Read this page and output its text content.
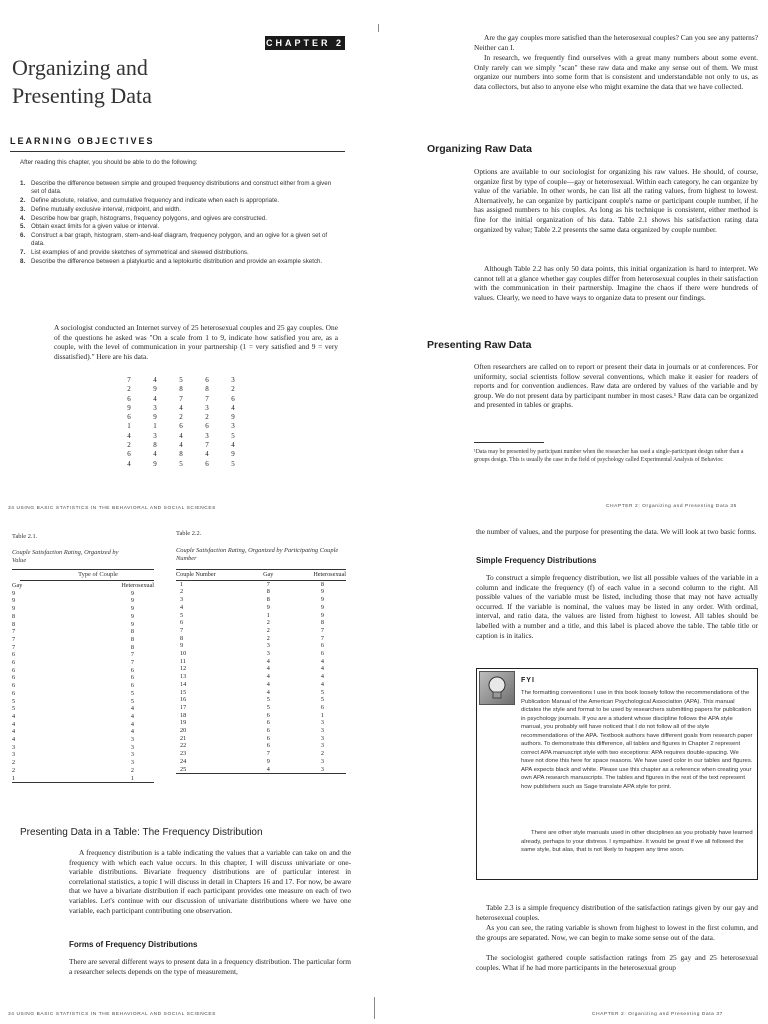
CHAPTER 2
Organizing and
Presenting Data
LEARNING OBJECTIVES
After reading this chapter, you should be able to do the following:
1. Describe the difference between simple and grouped frequency distributions and construct either from a given set of data.
2. Define absolute, relative, and cumulative frequency and indicate when each is appropriate.
3. Define mutually exclusive interval, midpoint, and width.
4. Describe how bar graph, histograms, frequency polygons, and ogives are constructed.
5. Obtain exact limits for a given value or interval.
6. Construct a bar graph, histogram, stem-and-leaf diagram, frequency polygon, and an ogive for a given set of data.
7. List examples of and provide sketches of symmetrical and skewed distributions.
8. Describe the difference between a platykurtic and a leptokurtic distribution and provide an example sketch.

A sociologist conducted an Internet survey of 25 heterosexual couples and 25 gay couples. One of the questions he asked was "On a scale from 1 to 9, indicate how satisfied you are, as a couple, with the level of communication in your partnership (1 = very satisfied and 9 = very dissatisfied)." Here are his data.

7	4	5	6	3
2	9	8	8	2
6	4	7	7	6
9	3	4	3	4
6	9	2	2	9
1	1	6	6	3
4	3	4	3	5
2	8	4	7	4
6	4	8	4	9
4	9	5	6	5

Are the gay couples more satisfied than the heterosexual couples? Can you see any patterns? Neither can I.

In research, we frequently find ourselves with a great many numbers about some event. Only rarely can we simply "scan" these raw data and make any sense out of them. We must organize our numbers into some form that is consistent and understandable not only to us, as data collectors, but also to anyone else who might examine the data that we have collected.

Organizing Raw Data

Options are available to our sociologist for organizing his raw values. He should, of course, organize first by type of couple—gay or heterosexual. Within each category, he can organize by value of the variable. In other words, he can list all the rating values, from highest to lowest. Alternatively, he can organize by participant couple's name or participant couple number, if he has assigned numbers to his couples. As long as his technique is consistent, either method is fine for the initial organization of his data. Table 2.1 shows his satisfaction rating data organized by value; Table 2.2 presents the same data organized by couple number.

Although Table 2.2 has only 50 data points, this initial organization is hard to interpret. We cannot tell at a glance whether gay couples differ from heterosexual couples in their satisfaction with the communication in their partnership. Imagine the chaos if there were hundreds of values. Clearly, we need to have ways to organize data to present our findings.

Presenting Raw Data

Often researchers are called on to report or present their data in journals or at conferences. For uniformity, social scientists follow several conventions, which make it easier for readers of reports and for convention audiences. Raw data are ordered by values of the variable and by group. We do not present data by participant number in most cases.¹ Raw data can be organized and presented in tables or graphs.

¹Data may be presented by participant number when the researcher has used a single-participant design rather than a groups design. This is usually the case in the field of psychology called Experimental Analysis of Behavior.

34 USING BASIC STATISTICS IN THE BEHAVIORAL AND SOCIAL SCIENCES
Table 2.1.
Couple Satisfaction Rating, Organized by Value
Type of Couple
Gay	Heterosexual
9	9
9	9
9	9
8	9
8	9
7	8
7	8
7	8
6	7
6	7
6	6
6	6
6	6
6	5
5	5
5	4
4	4
4	4
4	4
4	3
3	3
3	3
2	3
2	2
1	1
Table 2.2.
Couple Satisfaction Rating, Organized by Participating Couple Number
Couple Number	Gay	Heterosexual
1	7	8
2	8	9
3	8	9
4	9	9
5	1	9
6	2	8
7	2	7
8	2	7
9	3	6
10	3	6
11	4	4
12	4	4
13	4	4
14	4	4
15	4	5
16	5	5
17	5	6
18	6	1
19	6	3
20	6	3
21	6	3
22	6	3
23	7	2
24	9	3
25	4	3
Presenting Data in a Table: The Frequency Distribution

A frequency distribution is a table indicating the values that a variable can take on and the frequency with which each value occurs. In this chapter, I will discuss univariate or one-variable distributions. Bivariate frequency distributions are of particular interest in correlational statistics, a topic I will discuss in detail in Chapters 16 and 17. For now, be aware that we have a bivariate distribution if each participant provides one measure on each of two variables. Let's continue with our discussion of univariate distributions where we have one variable, each participant contributing one observation.

Forms of Frequency Distributions

There are several different ways to present data in a frequency distribution. The particular form a researcher selects depends on the type of measurement,

34 USING BASIC STATISTICS IN THE BEHAVIORAL AND SOCIAL SCIENCES
CHAPTER 2: Organizing and Presenting Data 35

the number of values, and the purpose for presenting the data. We will look at two basic forms.

Simple Frequency Distributions

To construct a simple frequency distribution, we list all possible values of the variable in a column and indicate the frequency (f) of each value in a second column to the right. All possible values of the variable must be listed, including those that may not have actually occurred. If the variable is nominal, the values may be listed in any order. With ordinal, interval, and ratio data, the values are listed from highest to lowest. All tables should be labelled with a number and a title, and this label is placed above the table. The table title or caption is in italics.

FYI

The formatting conventions I use in this book loosely follow the recommendations of the Publication Manual of the American Psychological Association (APA). This manual dictates the style and format to be used by researchers submitting papers for publication in psychology journals. If you are a student whose discipline follows the APA style manual, you probably will have noticed that I do not follow all of the style recommendations of the APA. Textbook authors have different goals from research paper authors. To demonstrate this difference, all tables and figures in Chapter 2 represent correct APA manuscript style with two exceptions: APA requires double-spacing. We have not done this here for space reasons. We have used color in our tables and figures. APA expects black and white. Please use this chapter as a reference when creating your own APA research manuscripts. The tables and figures in the rest of the text represent how publishers such as Sage translate APA style for print.

There are other style manuals used in other disciplines as you probably have learned already, perhaps to your distress. I sympathize. It would be great if we all followed the same style, but alas, that is not likely to happen any time soon.

Table 2.3 is a simple frequency distribution of the satisfaction ratings given by our gay and heterosexual couples.

As you can see, the rating variable is shown from highest to lowest in the first column, and the groups are separated. Now, we can begin to make some sense out of the data.

The sociologist gathered couple satisfaction ratings from 25 gay and 25 heterosexual couples. What if he had more participants in the heterosexual group

CHAPTER 2: Organizing and Presenting Data 37
